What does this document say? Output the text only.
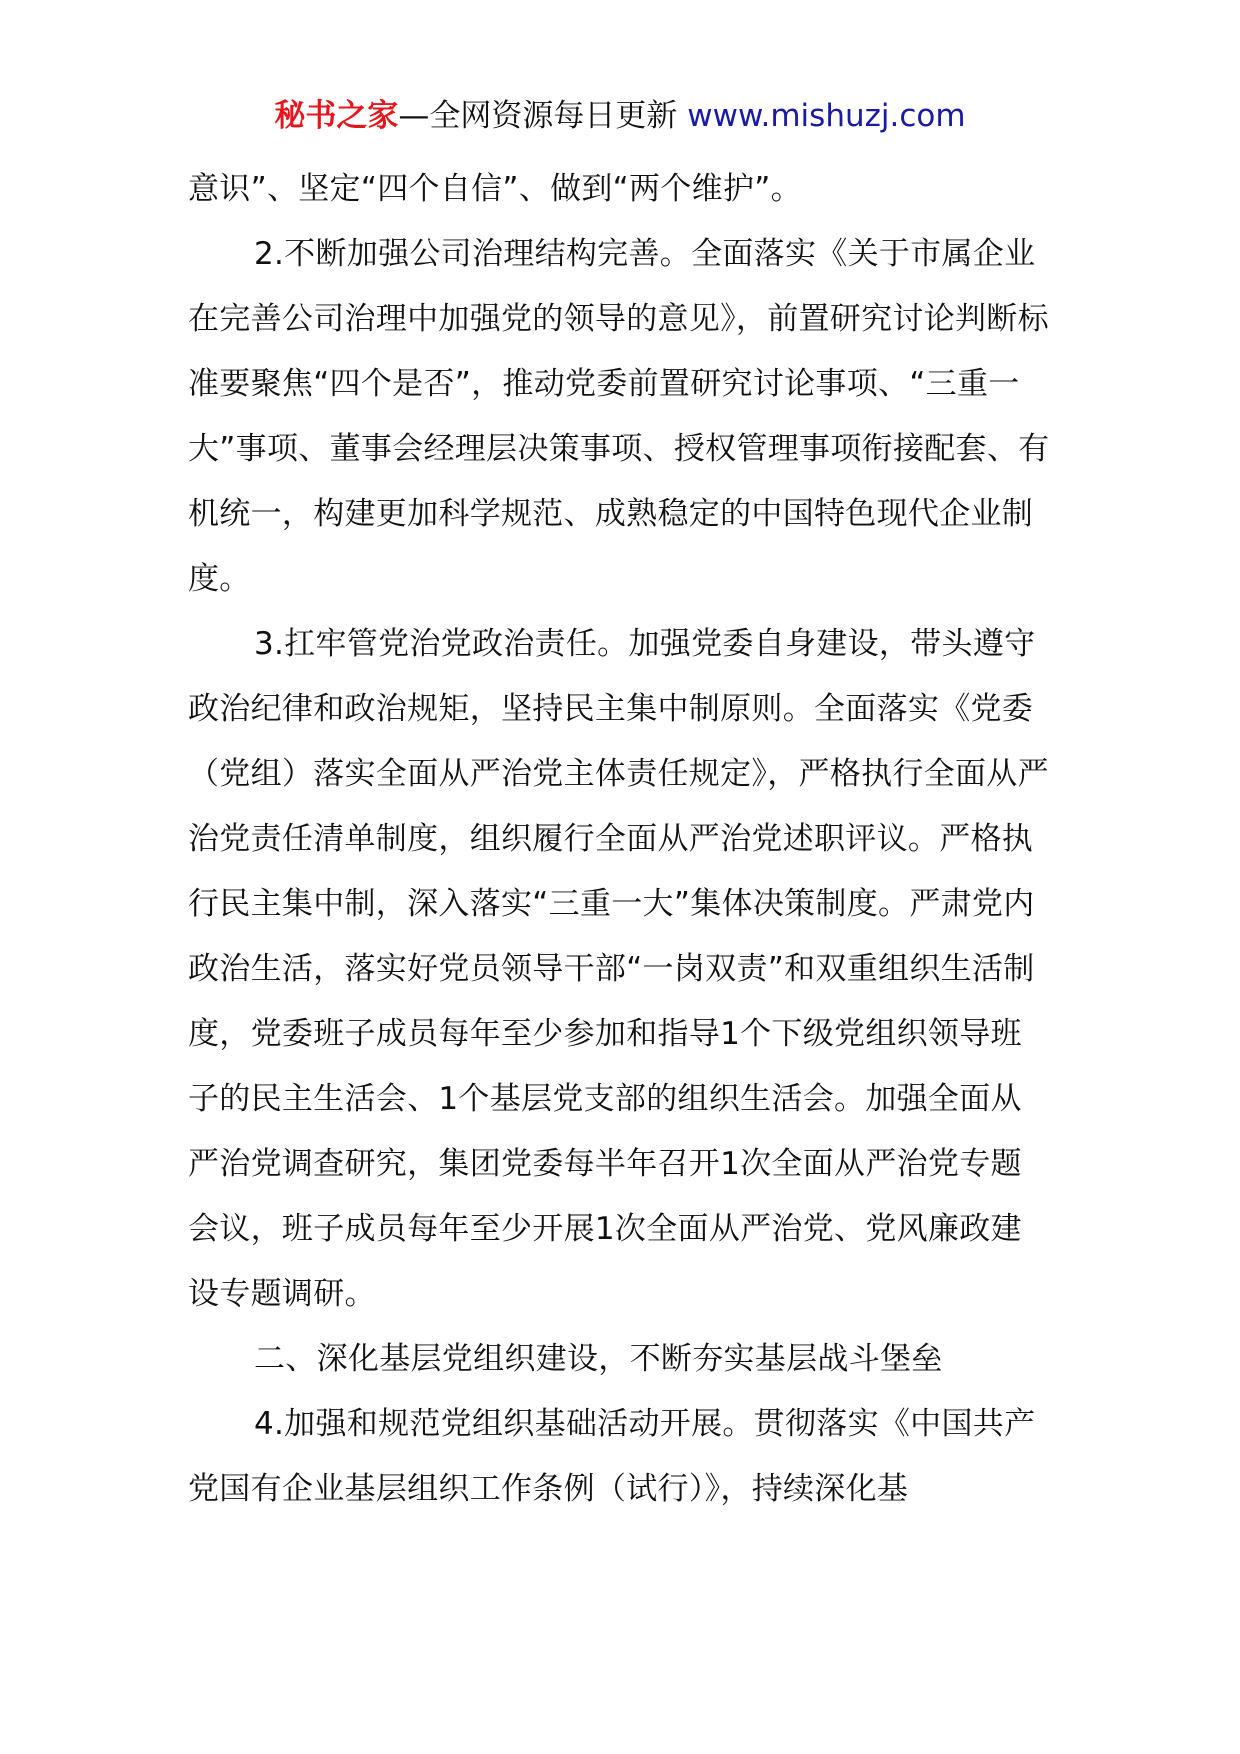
秘书之家—全网资源每日更新 www.mishuzj.com

意识”、坚定“四个自信”、做到“两个维护”。

2.不断加强公司治理结构完善。全面落实《关于市属企业在完善公司治理中加强党的领导的意见》，前置研究讨论判断标准要聚焦“四个是否”，推动党委前置研究讨论事项、“三重一大”事项、董事会经理层决策事项、授权管理事项衔接配套、有机统一，构建更加科学规范、成熟稳定的中国特色现代企业制度。

3.扛牢管党治党政治责任。加强党委自身建设，带头遵守政治纪律和政治规矩，坚持民主集中制原则。全面落实《党委（党组）落实全面从严治党主体责任规定》，严格执行全面从严治党责任清单制度，组织履行全面从严治党述职评议。严格执行民主集中制，深入落实“三重一大”集体决策制度。严肃党内政治生活，落实好党员领导干部“一岗双责”和双重组织生活制度，党委班子成员每年至少参加和指导1个下级党组织领导班子的民主生活会、1个基层党支部的组织生活会。加强全面从严治党调查研究，集团党委每半年召开1次全面从严治党专题会议，班子成员每年至少开展1次全面从严治党、党风廉政建设专题调研。

二、深化基层党组织建设，不断夯实基层战斗堡垒

4.加强和规范党组织基础活动开展。贯彻落实《中国共产党国有企业基层组织工作条例（试行）》，持续深化基
